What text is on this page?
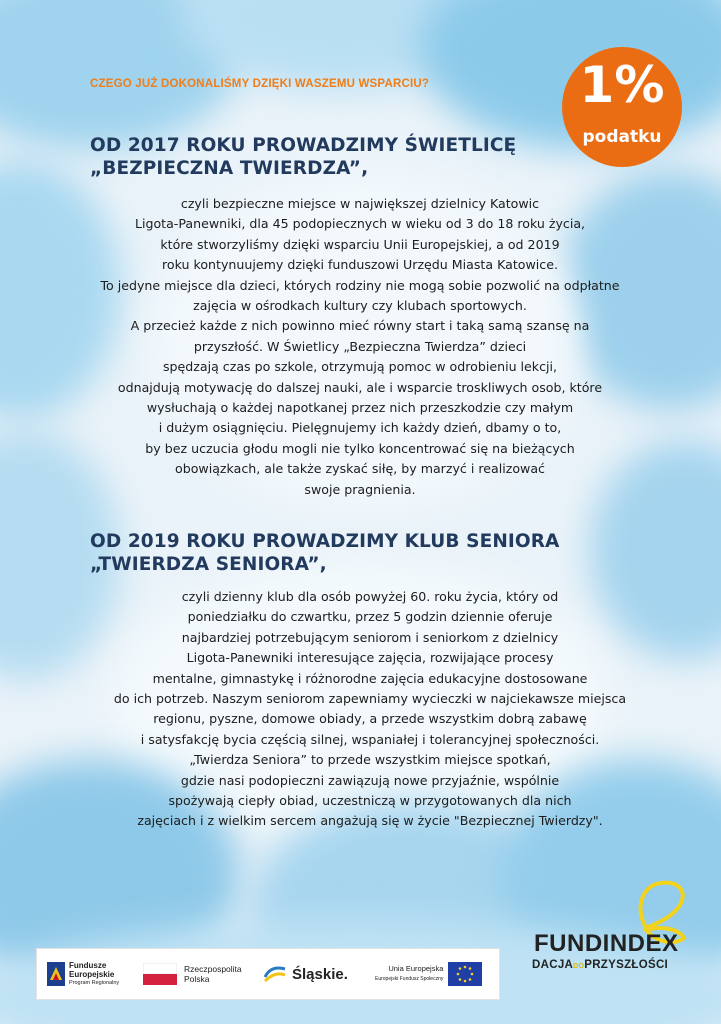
CZEGO JUŻ DOKONALIŚMY DZIĘKI WASZEMU WSPARCIU?	1%
podatku
OD 2017 ROKU PROWADZIMY ŚWIETLICĘ
„BEZPIECZNA TWIERDZA”,
czyli bezpieczne miejsce w największej dzielnicy Katowic
Ligota-Panewniki, dla 45 podopiecznych w wieku od 3 do 18 roku życia,
które stworzyliśmy dzięki wsparciu Unii Europejskiej, a od 2019
roku kontynuujemy dzięki funduszowi Urzędu Miasta Katowice.
To jedyne miejsce dla dzieci, których rodziny nie mogą sobie pozwolić na odpłatne
zajęcia w ośrodkach kultury czy klubach sportowych.
A przecież każde z nich powinno mieć równy start i taką samą szansę na
przyszłość. W Świetlicy „Bezpieczna Twierdza” dzieci
spędzają czas po szkole, otrzymują pomoc w odrobieniu lekcji,
odnajdują motywację do dalszej nauki, ale i wsparcie troskliwych osob, które
wysłuchają o każdej napotkanej przez nich przeszkodzie czy małym
i dużym osiągnięciu. Pielęgnujemy ich każdy dzień, dbamy o to,
by bez uczucia głodu mogli nie tylko koncentrować się na bieżących
obowiązkach, ale także zyskać siłę, by marzyć i realizować
swoje pragnienia.
OD 2019 ROKU PROWADZIMY KLUB SENIORA
„TWIERDZA SENIORA”,
czyli dzienny klub dla osób powyżej 60. roku życia, który od
poniedziałku do czwartku, przez 5 godzin dziennie oferuje
najbardziej potrzebującym seniorom i seniorkom z dzielnicy
Ligota-Panewniki interesujące zajęcia, rozwijające procesy
mentalne, gimnastykę i różnorodne zajęcia edukacyjne dostosowane
do ich potrzeb. Naszym seniorom zapewniamy wycieczki w najciekawsze miejsca
regionu, pyszne, domowe obiady, a przede wszystkim dobrą zabawę
i satysfakcję bycia częścią silnej, wspaniałej i tolerancyjnej społeczności.
„Twierdza Seniora” to przede wszystkim miejsce spotkań,
gdzie nasi podopieczni zawiązują nowe przyjaźnie, wspólnie
spożywają ciepły obiad, uczestniczą w przygotowanych dla nich
zajęciach i z wielkim sercem angażują się w życie "Bezpiecznej Twierdzy".
Fundusze
Europejskie
Program Regionalny
Rzeczpospolita
Polska	Śląskie.	Unia Europejska
Europejski Fundusz Społeczny
FUNDINDEX
DACJADOPRZYSZŁOŚCI
